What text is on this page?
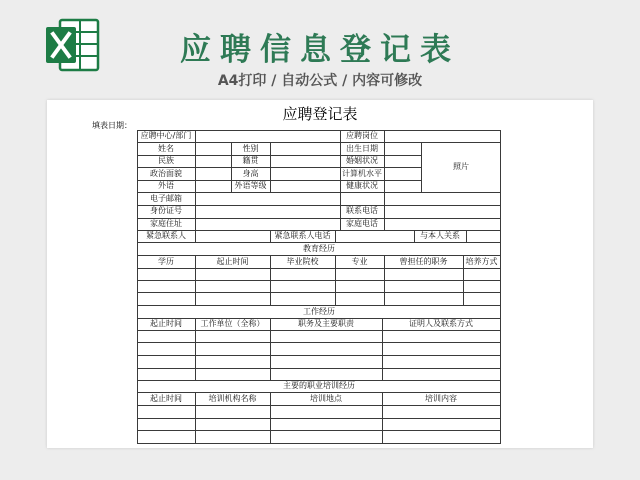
应聘信息登记表
A4打印 / 自动公式 / 内容可修改
应聘登记表
填表日期：
应聘中心/部门	应聘岗位
姓名	性别	出生日期
民族	籍贯	婚姻状况
照片
政治面貌	身高	计算机水平
外语	外语等级	健康状况
电子邮箱
身份证号	联系电话
家庭住址	家庭电话
紧急联系人	紧急联系人电话	与本人关系
教育经历
学历	起止时间	毕业院校	专业	曾担任的职务	培养方式
工作经历
起止时间	工作单位（全称）	职务及主要职责	证明人及联系方式
主要的职业培训经历
起止时间	培训机构名称	培训地点	培训内容
